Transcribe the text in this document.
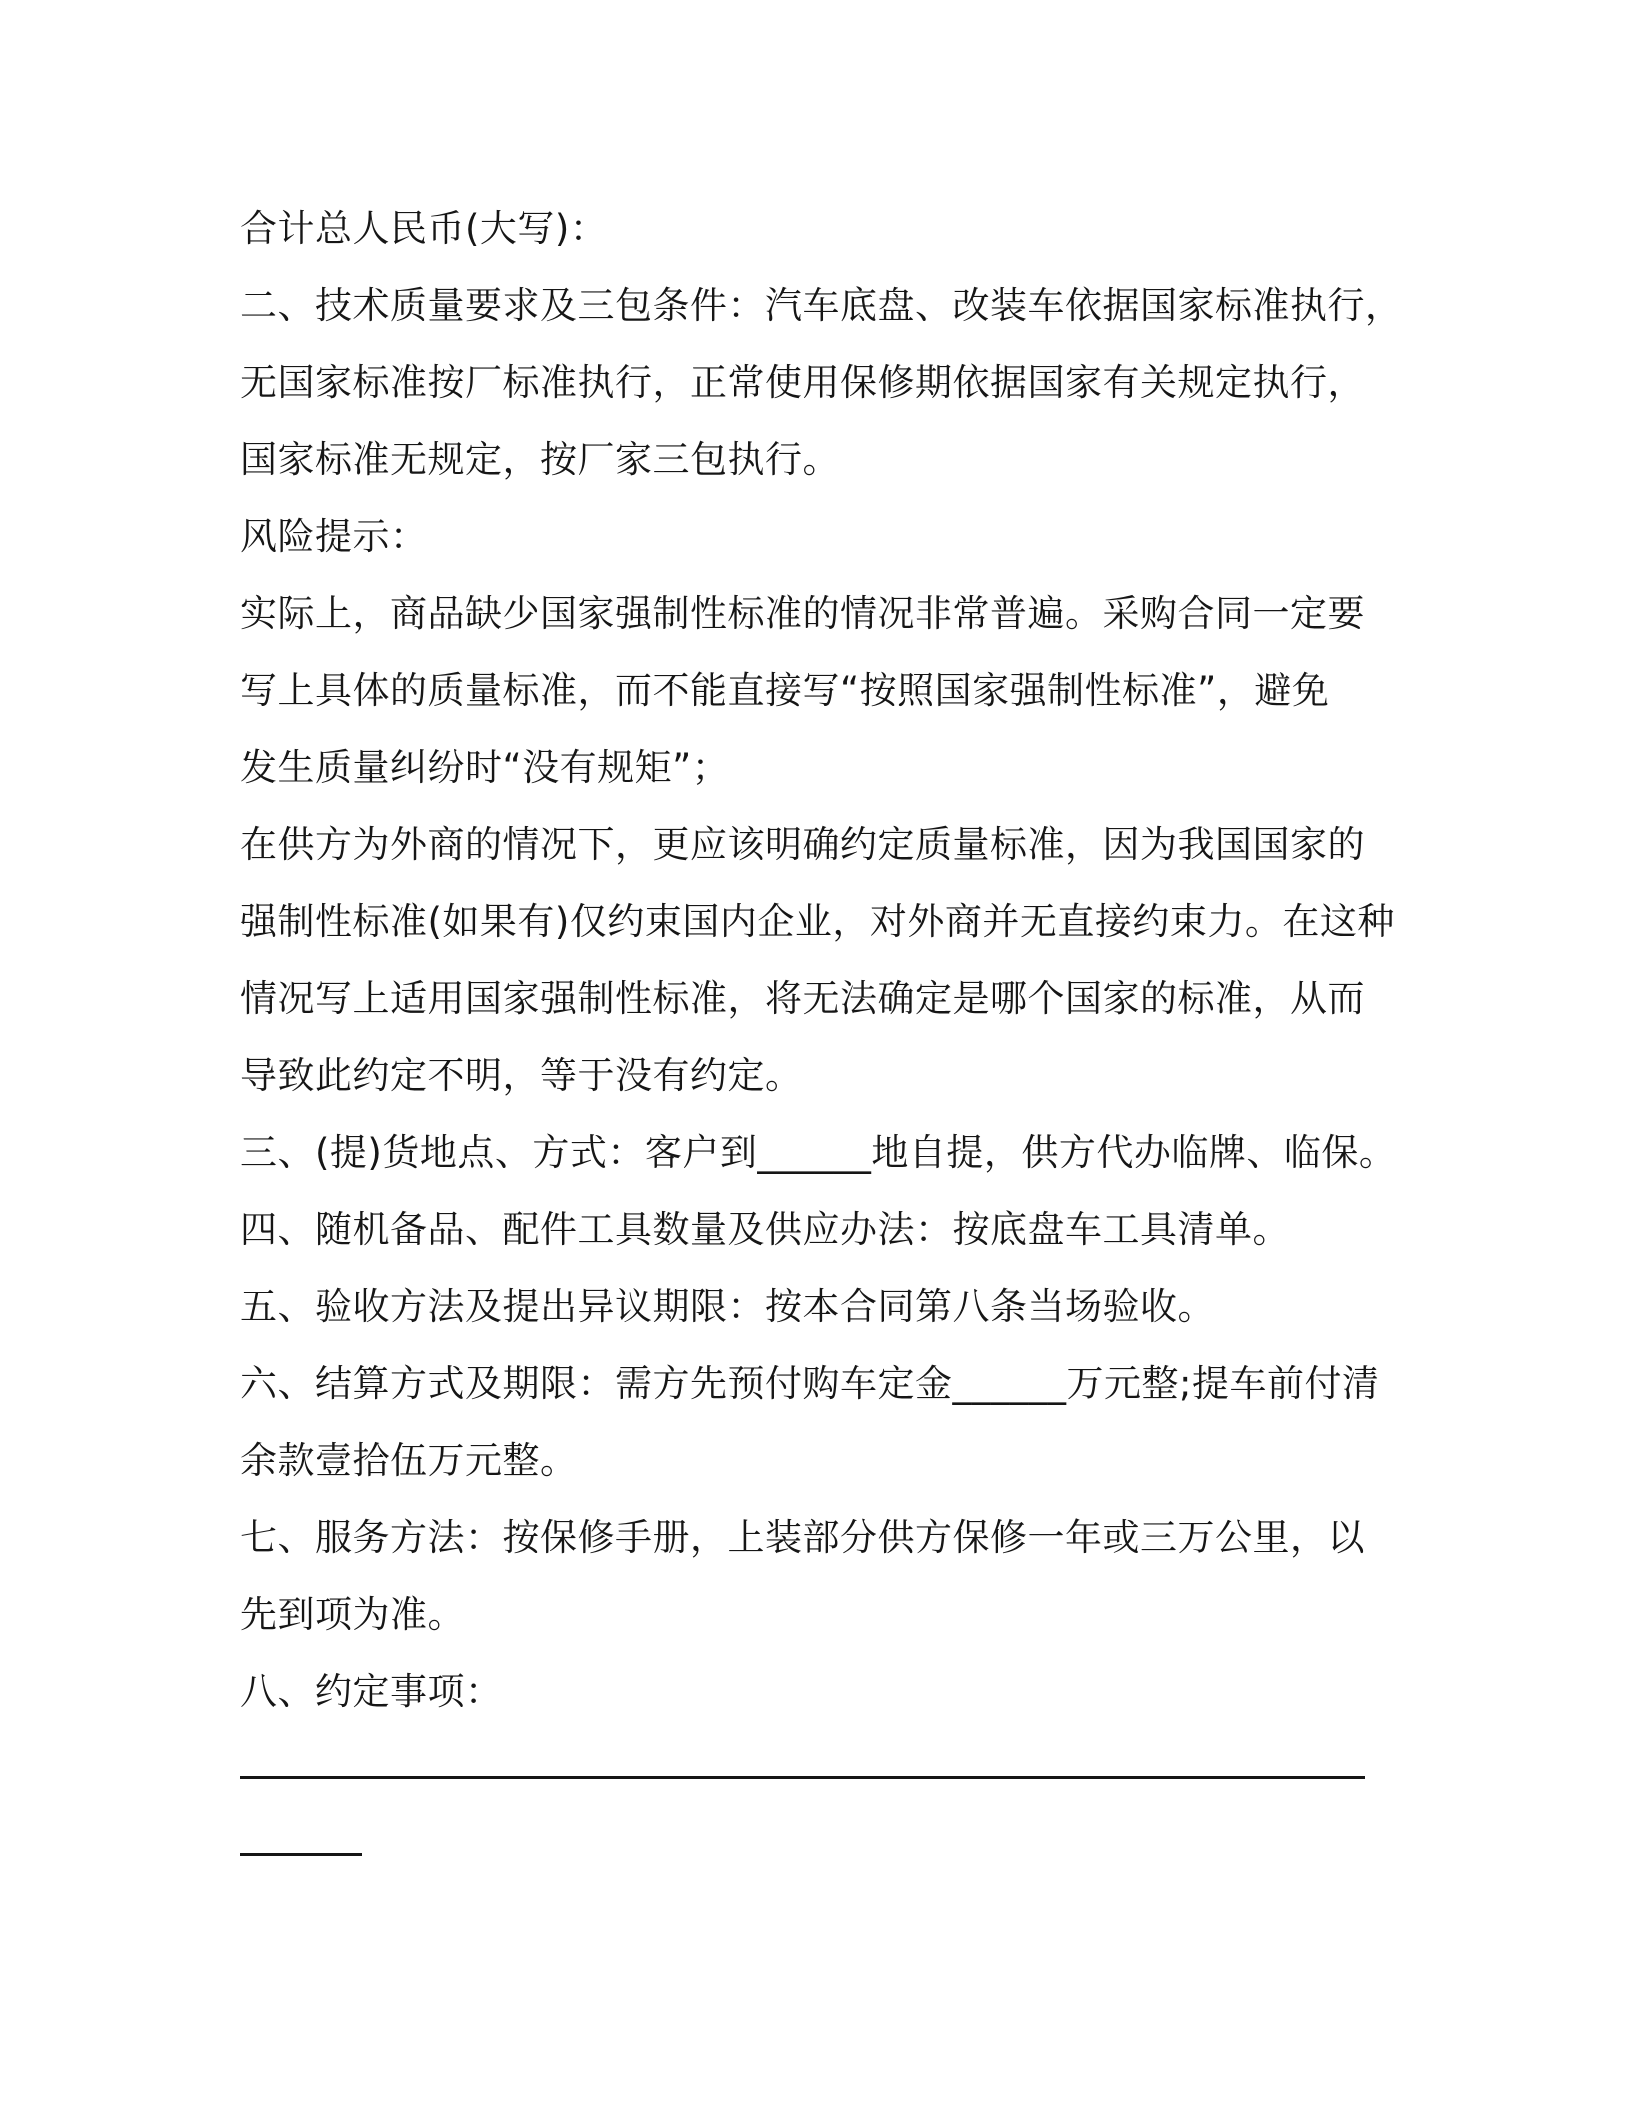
合计总人民币(大写)：
二、技术质量要求及三包条件：汽车底盘、改装车依据国家标准执行，
无国家标准按厂标准执行，正常使用保修期依据国家有关规定执行，
国家标准无规定，按厂家三包执行。
风险提示：
实际上，商品缺少国家强制性标准的情况非常普遍。采购合同一定要
写上具体的质量标准，而不能直接写“按照国家强制性标准”，避免
发生质量纠纷时“没有规矩”；
在供方为外商的情况下，更应该明确约定质量标准，因为我国国家的
强制性标准(如果有)仅约束国内企业，对外商并无直接约束力。在这种
情况写上适用国家强制性标准，将无法确定是哪个国家的标准，从而
导致此约定不明，等于没有约定。
三、(提)货地点、方式：客户到______地自提，供方代办临牌、临保。
四、随机备品、配件工具数量及供应办法：按底盘车工具清单。
五、验收方法及提出异议期限：按本合同第八条当场验收。
六、结算方式及期限：需方先预付购车定金______万元整;提车前付清
余款壹拾伍万元整。
七、服务方法：按保修手册，上装部分供方保修一年或三万公里，以
先到项为准。
八、约定事项：
